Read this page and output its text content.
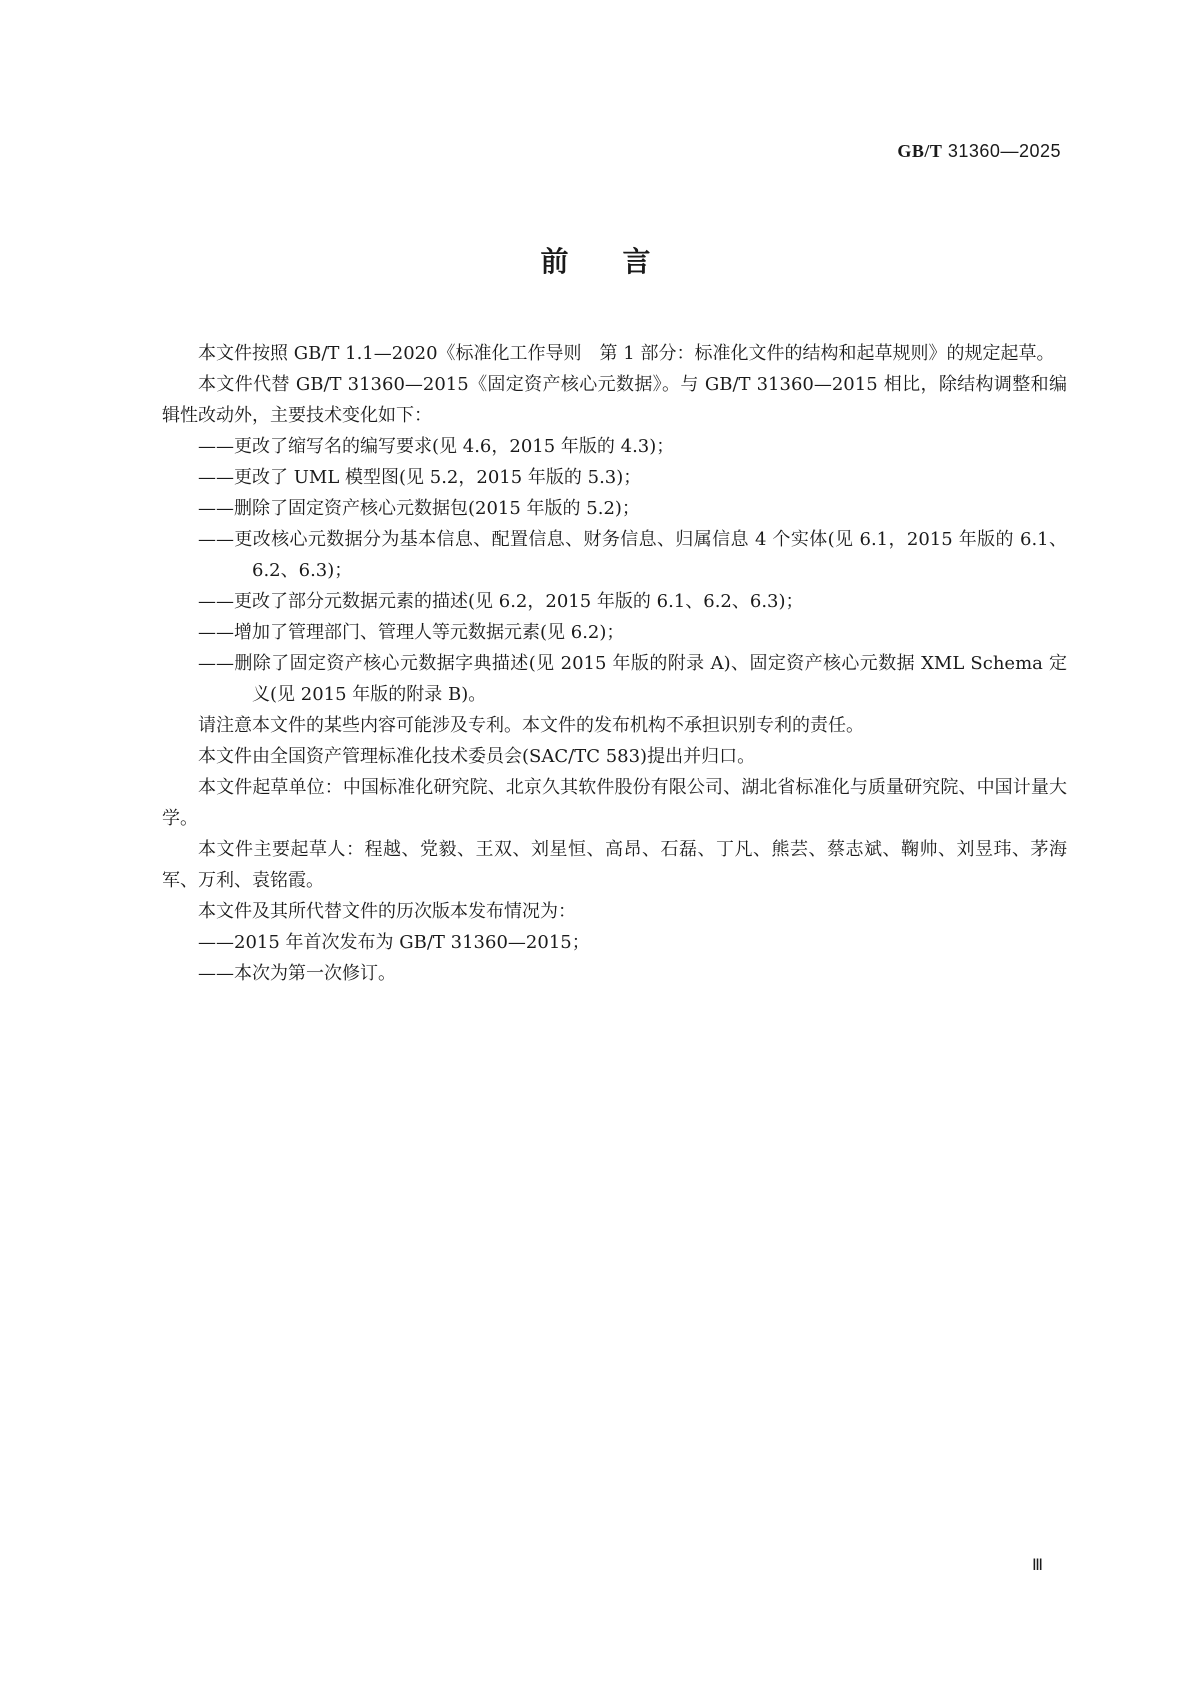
GB/T 31360—2025
前言

本文件按照 GB/T 1.1—2020《标准化工作导则　第 1 部分：标准化文件的结构和起草规则》的规定起草。

本文件代替 GB/T 31360—2015《固定资产核心元数据》。与 GB/T 31360—2015 相比，除结构调整和编辑性改动外，主要技术变化如下：

——更改了缩写名的编写要求(见 4.6，2015 年版的 4.3)；

——更改了 UML 模型图(见 5.2，2015 年版的 5.3)；

——删除了固定资产核心元数据包(2015 年版的 5.2)；

——更改核心元数据分为基本信息、配置信息、财务信息、归属信息 4 个实体(见 6.1，2015 年版的 6.1、6.2、6.3)；

——更改了部分元数据元素的描述(见 6.2，2015 年版的 6.1、6.2、6.3)；

——增加了管理部门、管理人等元数据元素(见 6.2)；

——删除了固定资产核心元数据字典描述(见 2015 年版的附录 A)、固定资产核心元数据 XML Schema 定义(见 2015 年版的附录 B)。

请注意本文件的某些内容可能涉及专利。本文件的发布机构不承担识别专利的责任。

本文件由全国资产管理标准化技术委员会(SAC/TC 583)提出并归口。

本文件起草单位：中国标准化研究院、北京久其软件股份有限公司、湖北省标准化与质量研究院、中国计量大学。

本文件主要起草人：程越、党毅、王双、刘星恒、高昂、石磊、丁凡、熊芸、蔡志斌、鞠帅、刘昱玮、茅海军、万利、袁铭霞。

本文件及其所代替文件的历次版本发布情况为：

——2015 年首次发布为 GB/T 31360—2015；

——本次为第一次修订。

Ⅲ
